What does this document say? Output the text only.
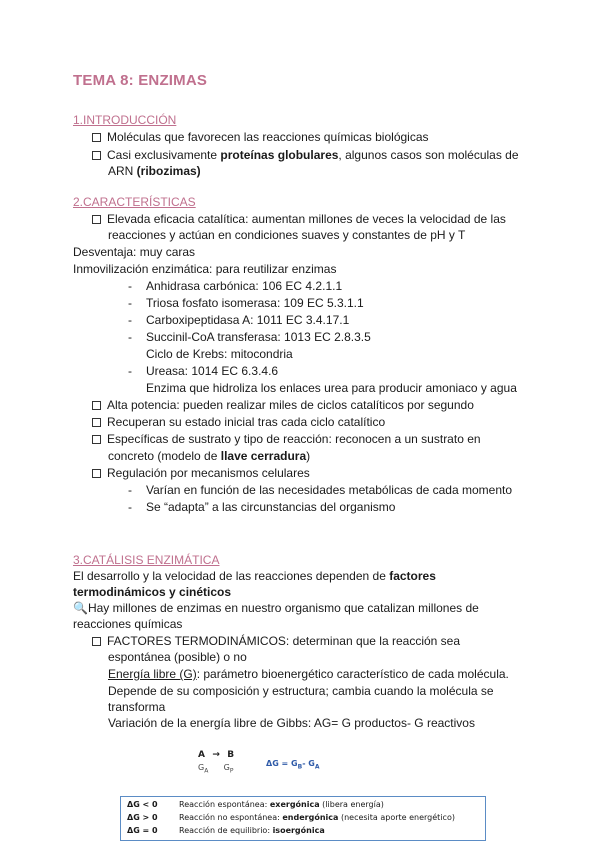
TEMA 8: ENZIMAS
1.INTRODUCCIÓN
Moléculas que favorecen las reacciones químicas biológicas
Casi exclusivamente proteínas globulares, algunos casos son moléculas de
ARN (ribozimas)
2.CARACTERÍSTICAS
Elevada eficacia catalítica: aumentan millones de veces la velocidad de las
reacciones y actúan en condiciones suaves y constantes de pH y T
Desventaja: muy caras
Inmovilización enzimática: para reutilizar enzimas
- Anhidrasa carbónica: 106 EC 4.2.1.1
- Triosa fosfato isomerasa: 109 EC 5.3.1.1
- Carboxipeptidasa A: 1011 EC 3.4.17.1
- Succinil-CoA transferasa: 1013 EC 2.8.3.5
Ciclo de Krebs: mitocondria
- Ureasa: 1014 EC 6.3.4.6
Enzima que hidroliza los enlaces urea para producir amoniaco y agua
Alta potencia: pueden realizar miles de ciclos catalíticos por segundo
Recuperan su estado inicial tras cada ciclo catalítico
Específicas de sustrato y tipo de reacción: reconocen a un sustrato en
concreto (modelo de llave cerradura)
Regulación por mecanismos celulares
- Varían en función de las necesidades metabólicas de cada momento
- Se “adapta” a las circunstancias del organismo
3.CATÁLISIS ENZIMÁTICA
El desarrollo y la velocidad de las reacciones dependen de factores
termodinámicos y cinéticos
🔍Hay millones de enzimas en nuestro organismo que catalizan millones de
reacciones químicas
FACTORES TERMODINÁMICOS: determinan que la reacción sea
espontánea (posible) o no
Energía libre (G): parámetro bioenergético característico de cada molécula.
Depende de su composición y estructura; cambia cuando la molécula se
transforma
Variación de la energía libre de Gibbs: AG= G productos- G reactivos
A → B
$G_A$ $G_P$
$\Delta G = G_B-$ $G_A$
ΔG < 0	Reacción espontánea: exergónica (libera energía)
ΔG > 0	Reacción no espontánea: endergónica (necesita aporte energético)
ΔG = 0	Reacción de equilibrio: isoergónica
